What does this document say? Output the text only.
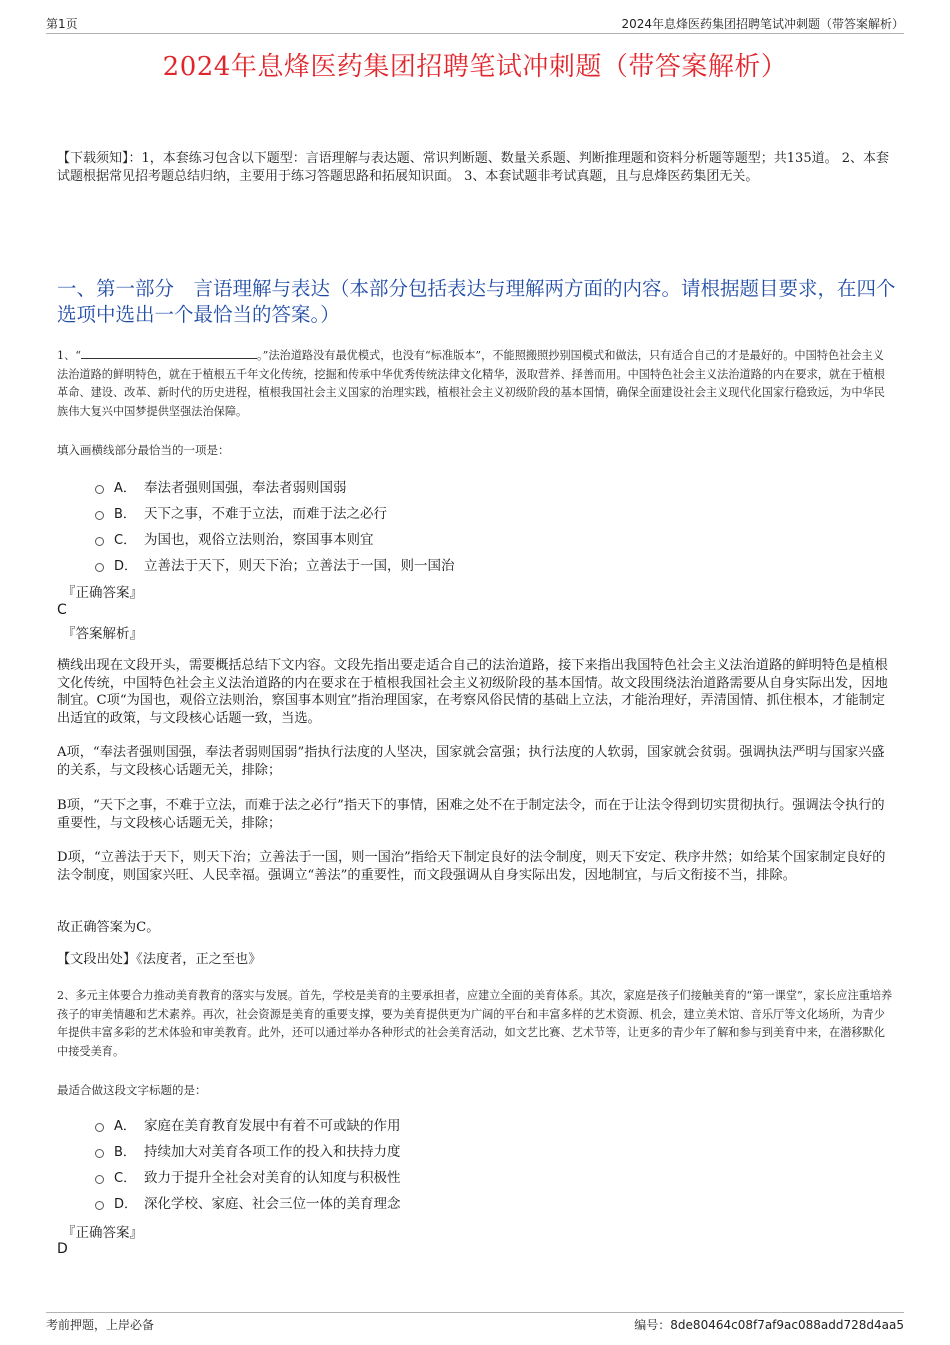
第1页	2024年息烽医药集团招聘笔试冲刺题（带答案解析）
2024年息烽医药集团招聘笔试冲刺题（带答案解析）
【下载须知】：1，本套练习包含以下题型：言语理解与表达题、常识判断题、数量关系题、判断推理题和资料分析题等题型；共135道。 2、本套试题根据常见招考题总结归纳，主要用于练习答题思路和拓展知识面。 3、本套试题非考试真题，且与息烽医药集团无关。
一、第一部分　言语理解与表达（本部分包括表达与理解两方面的内容。请根据题目要求，在四个选项中选出一个最恰当的答案。）
1、“	。”法治道路没有最优模式，也没有“标准版本”，不能照搬照抄别国模式和做法，只有适合自己的才是最好的。中国特色社会主义法治道路的鲜明特色，就在于植根五千年文化传统，挖掘和传承中华优秀传统法律文化精华，汲取营养、择善而用。中国特色社会主义法治道路的内在要求，就在于植根革命、建设、改革、新时代的历史进程，植根我国社会主义国家的治理实践，植根社会主义初级阶段的基本国情，确保全面建设社会主义现代化国家行稳致远，为中华民族伟大复兴中国梦提供坚强法治保障。
填入画横线部分最恰当的一项是：
A． 奉法者强则国强，奉法者弱则国弱
B． 天下之事，不难于立法，而难于法之必行
C． 为国也，观俗立法则治，察国事本则宜
D． 立善法于天下，则天下治；立善法于一国，则一国治
『正确答案』
C
『答案解析』
横线出现在文段开头，需要概括总结下文内容。文段先指出要走适合自己的法治道路，接下来指出我国特色社会主义法治道路的鲜明特色是植根文化传统，中国特色社会主义法治道路的内在要求在于植根我国社会主义初级阶段的基本国情。故文段围绕法治道路需要从自身实际出发，因地制宜。C项“为国也，观俗立法则治，察国事本则宜”指治理国家，在考察风俗民情的基础上立法，才能治理好，弄清国情、抓住根本，才能制定出适宜的政策，与文段核心话题一致，当选。
A项，“奉法者强则国强，奉法者弱则国弱”指执行法度的人坚决，国家就会富强；执行法度的人软弱，国家就会贫弱。强调执法严明与国家兴盛的关系，与文段核心话题无关，排除；
B项，“天下之事，不难于立法，而难于法之必行”指天下的事情，困难之处不在于制定法令，而在于让法令得到切实贯彻执行。强调法令执行的重要性，与文段核心话题无关，排除；
D项，“立善法于天下，则天下治；立善法于一国，则一国治”指给天下制定良好的法令制度，则天下安定、秩序井然；如给某个国家制定良好的法令制度，则国家兴旺、人民幸福。强调立“善法”的重要性，而文段强调从自身实际出发，因地制宜，与后文衔接不当，排除。
故正确答案为C。
【文段出处】《法度者，正之至也》
2、多元主体要合力推动美育教育的落实与发展。首先，学校是美育的主要承担者，应建立全面的美育体系。其次，家庭是孩子们接触美育的“第一课堂”，家长应注重培养孩子的审美情趣和艺术素养。再次，社会资源是美育的重要支撑，要为美育提供更为广阔的平台和丰富多样的艺术资源、机会，建立美术馆、音乐厅等文化场所，为青少年提供丰富多彩的艺术体验和审美教育。此外，还可以通过举办各种形式的社会美育活动，如文艺比赛、艺术节等，让更多的青少年了解和参与到美育中来，在潜移默化中接受美育。
最适合做这段文字标题的是：
A． 家庭在美育教育发展中有着不可或缺的作用
B． 持续加大对美育各项工作的投入和扶持力度
C． 致力于提升全社会对美育的认知度与积极性
D． 深化学校、家庭、社会三位一体的美育理念
『正确答案』
D
考前押题，上岸必备	编号：8de80464c08f7af9ac088add728d4aa5
